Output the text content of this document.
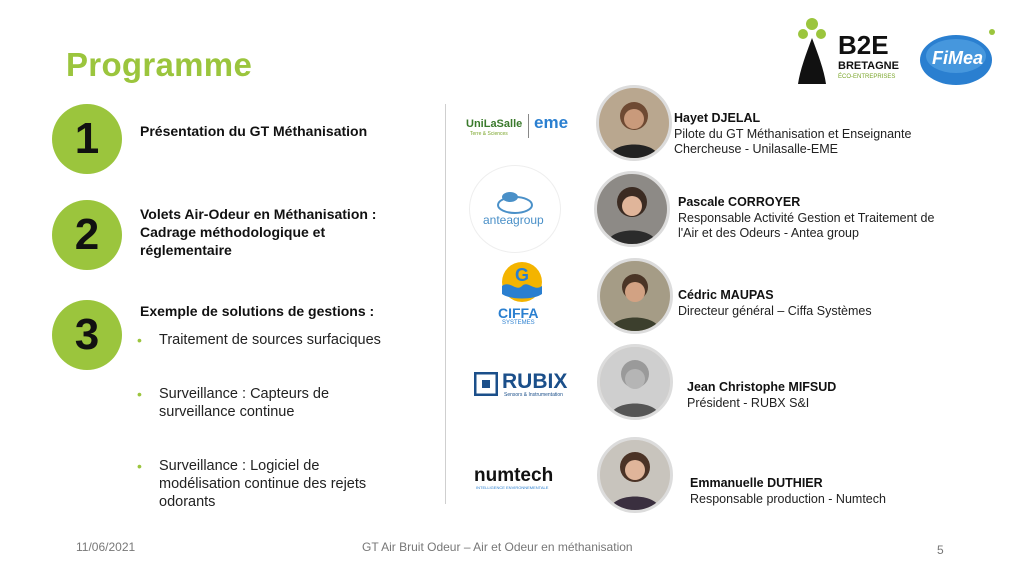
Programme
B2E
BRETAGNE
ÉCO-ENTREPRISES
FiMea
1	Présentation du GT Méthanisation
2	Volets Air-Odeur en Méthanisation :
Cadrage méthodologique et
réglementaire
3	Exemple de solutions de gestions :
• Traitement de sources surfaciques
• Surveillance : Capteurs de
surveillance continue
• Surveillance : Logiciel de
modélisation continue des rejets
odorants
UniLaSalle
Terre & Sciences
eme	Hayet DJELAL
Pilote du GT Méthanisation et Enseignante
Chercheuse - Unilasalle-EME
anteagroup
Pascale CORROYER
Responsable Activité Gestion et Traitement de
l'Air et des Odeurs - Antea group
G
CIFFA
SYSTEMES
Cédric MAUPAS
Directeur général – Ciffa Systèmes
RUBIX
Sensors & Instrumentation
Jean Christophe MIFSUD
Président - RUBX S&I
numtech
INTELLIGENCE ENVIRONNEMENTALE	Emmanuelle DUTHIER
Responsable production - Numtech
11/06/2021	GT Air Bruit Odeur – Air et Odeur en méthanisation	5
